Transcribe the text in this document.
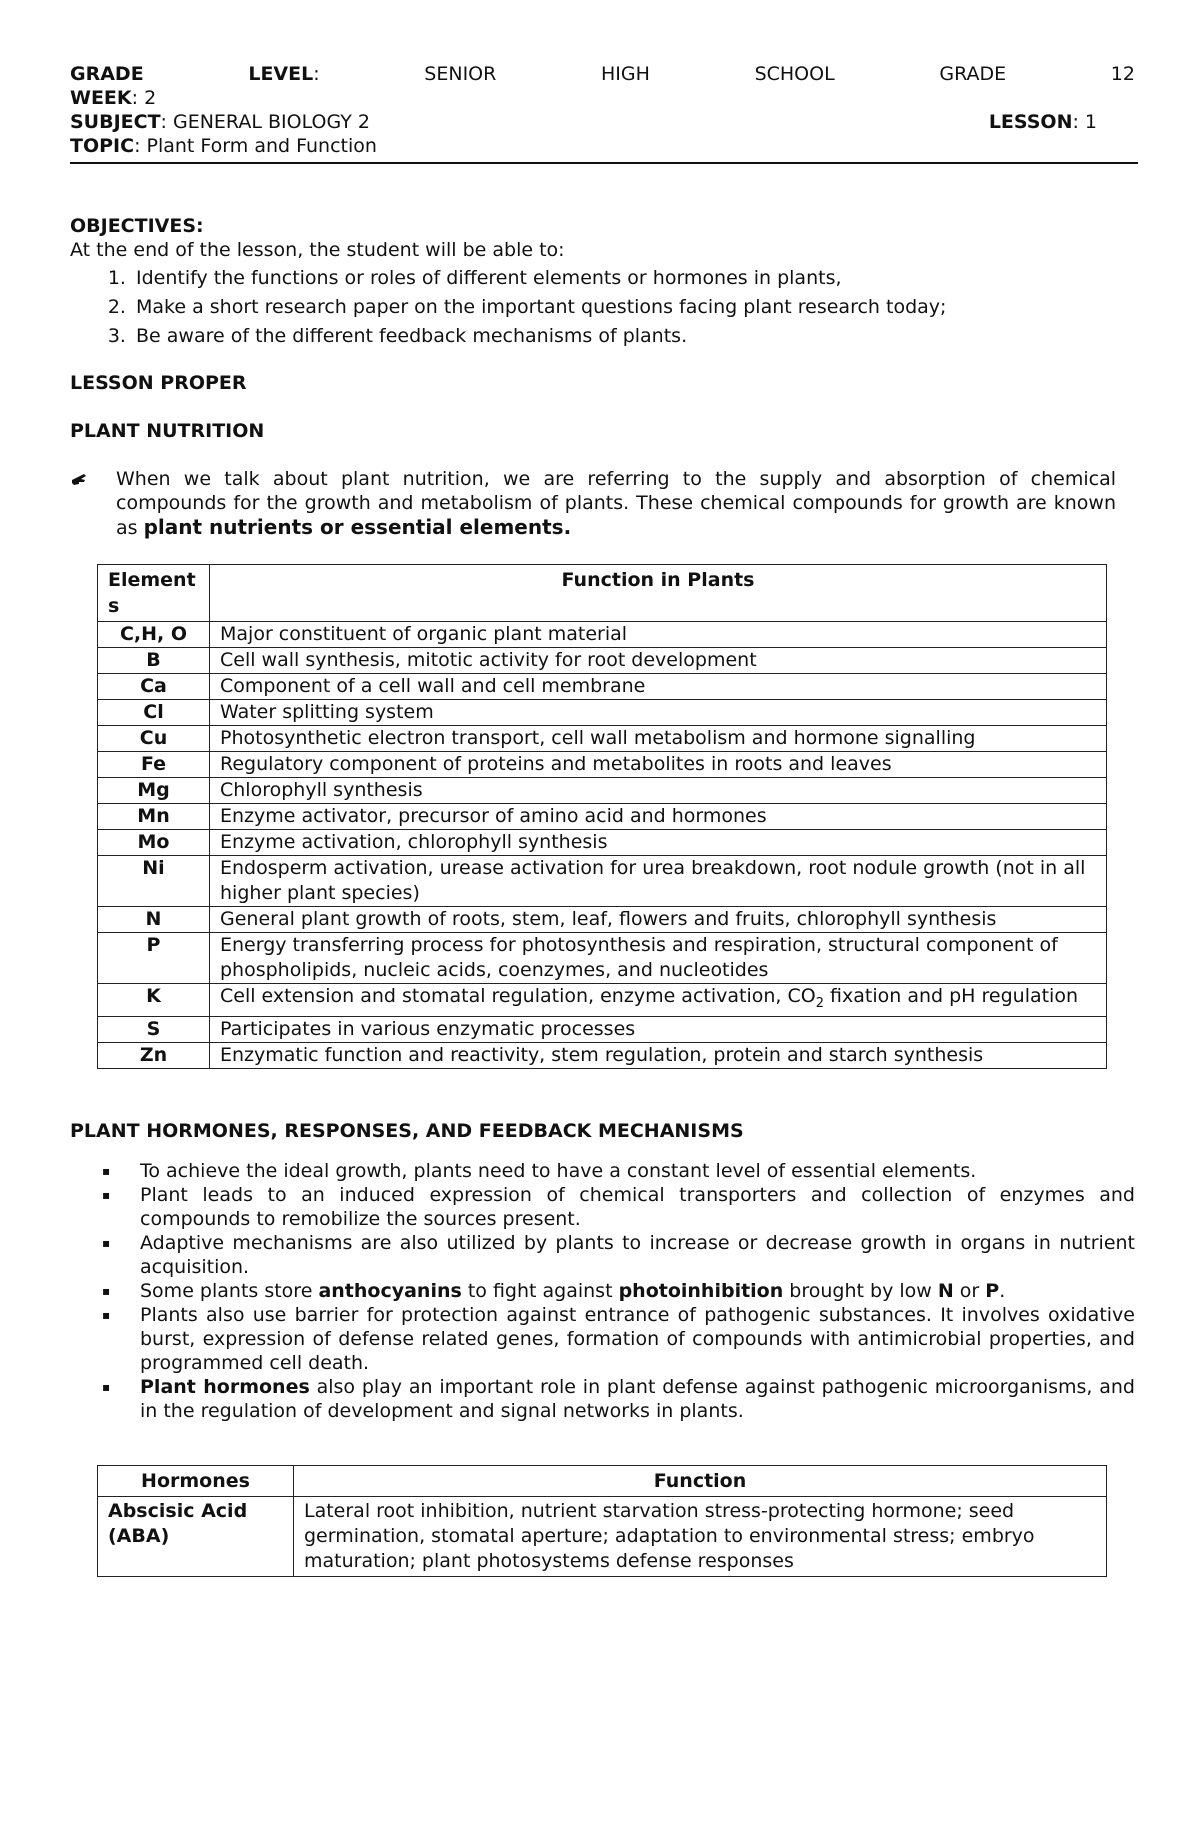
GRADE	LEVEL:	SENIOR	HIGH	SCHOOL	GRADE	12
WEEK: 2
SUBJECT: GENERAL BIOLOGY 2	LESSON: 1
TOPIC: Plant Form and Function
OBJECTIVES:
At the end of the lesson, the student will be able to:
1. Identify the functions or roles of different elements or hormones in plants,
2. Make a short research paper on the important questions facing plant research today;
3. Be aware of the different feedback mechanisms of plants.
LESSON PROPER
PLANT NUTRITION
When we talk about plant nutrition, we are referring to the supply and absorption of chemical compounds for the growth and metabolism of plants. These chemical compounds for growth are known as plant nutrients or essential elements.
Element s	Function in Plants
C,H, O	Major constituent of organic plant material
B	Cell wall synthesis, mitotic activity for root development
Ca	Component of a cell wall and cell membrane
Cl	Water splitting system
Cu	Photosynthetic electron transport, cell wall metabolism and hormone signalling
Fe	Regulatory component of proteins and metabolites in roots and leaves
Mg	Chlorophyll synthesis
Mn	Enzyme activator, precursor of amino acid and hormones
Mo	Enzyme activation, chlorophyll synthesis
Ni	Endosperm activation, urease activation for urea breakdown, root nodule growth (not in all higher plant species)
N	General plant growth of roots, stem, leaf, flowers and fruits, chlorophyll synthesis
P	Energy transferring process for photosynthesis and respiration, structural component of phospholipids, nucleic acids, coenzymes, and nucleotides
K	Cell extension and stomatal regulation, enzyme activation, $CO_2$ fixation and pH regulation
S	Participates in various enzymatic processes
Zn	Enzymatic function and reactivity, stem regulation, protein and starch synthesis
PLANT HORMONES, RESPONSES, AND FEEDBACK MECHANISMS
▪ To achieve the ideal growth, plants need to have a constant level of essential elements.
▪ Plant leads to an induced expression of chemical transporters and collection of enzymes and compounds to remobilize the sources present.
▪ Adaptive mechanisms are also utilized by plants to increase or decrease growth in organs in nutrient acquisition.
▪ Some plants store anthocyanins to fight against photoinhibition brought by low N or P.
▪ Plants also use barrier for protection against entrance of pathogenic substances. It involves oxidative burst, expression of defense related genes, formation of compounds with antimicrobial properties, and programmed cell death.
▪ Plant hormones also play an important role in plant defense against pathogenic microorganisms, and in the regulation of development and signal networks in plants.
Hormones	Function
Abscisic Acid (ABA)	Lateral root inhibition, nutrient starvation stress-protecting hormone; seed germination, stomatal aperture; adaptation to environmental stress; embryo maturation; plant photosystems defense responses
